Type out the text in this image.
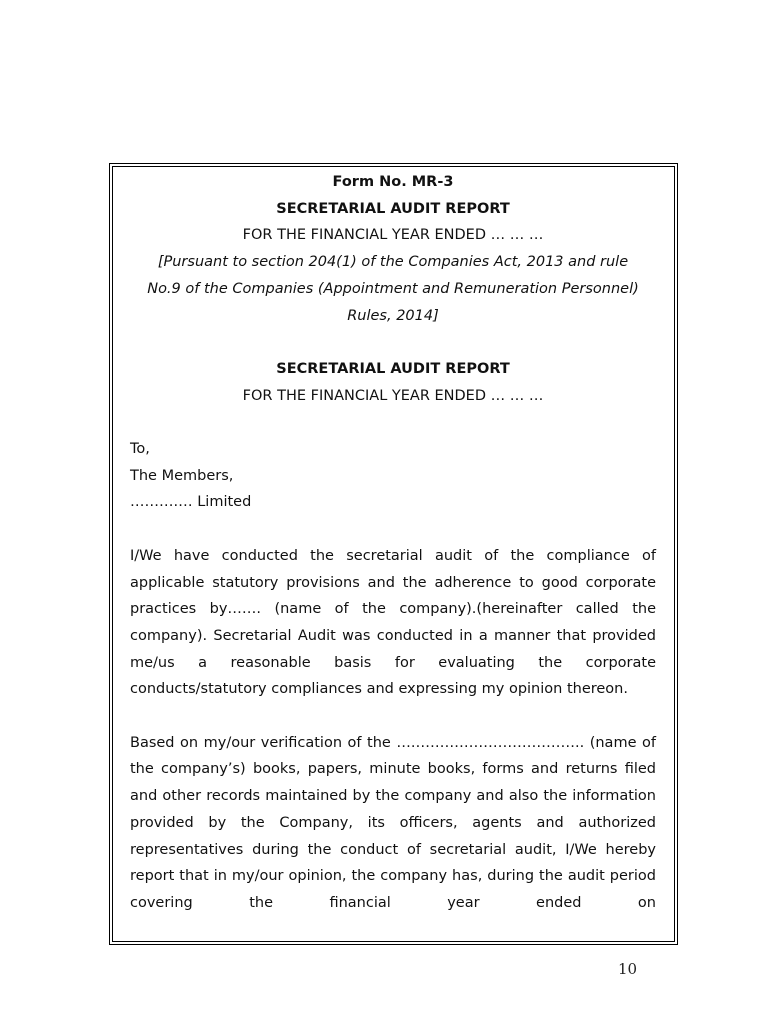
Form No. MR-3
SECRETARIAL AUDIT REPORT
FOR THE FINANCIAL YEAR ENDED … … …
[Pursuant to section 204(1) of the Companies Act, 2013 and rule
No.9 of the Companies (Appointment and Remuneration Personnel)
Rules, 2014]
SECRETARIAL AUDIT REPORT
FOR THE FINANCIAL YEAR ENDED … … …
To,
The Members,
……….… Limited

I/We have conducted the secretarial audit of the compliance of applicable statutory provisions and the adherence to good corporate practices by……. (name of the company).(hereinafter called the company). Secretarial Audit was conducted in a manner that provided me/us a reasonable basis for evaluating the corporate conducts/statutory compliances and expressing my opinion thereon.

Based on my/our verification of the ….…………………………….. (name of the company’s) books, papers, minute books, forms and returns filed and other records maintained by the company and also the information provided by the Company, its officers, agents and authorized representatives during the conduct of secretarial audit, I/We hereby report that in my/our opinion, the company has, during the audit period covering the financial year ended on

10
